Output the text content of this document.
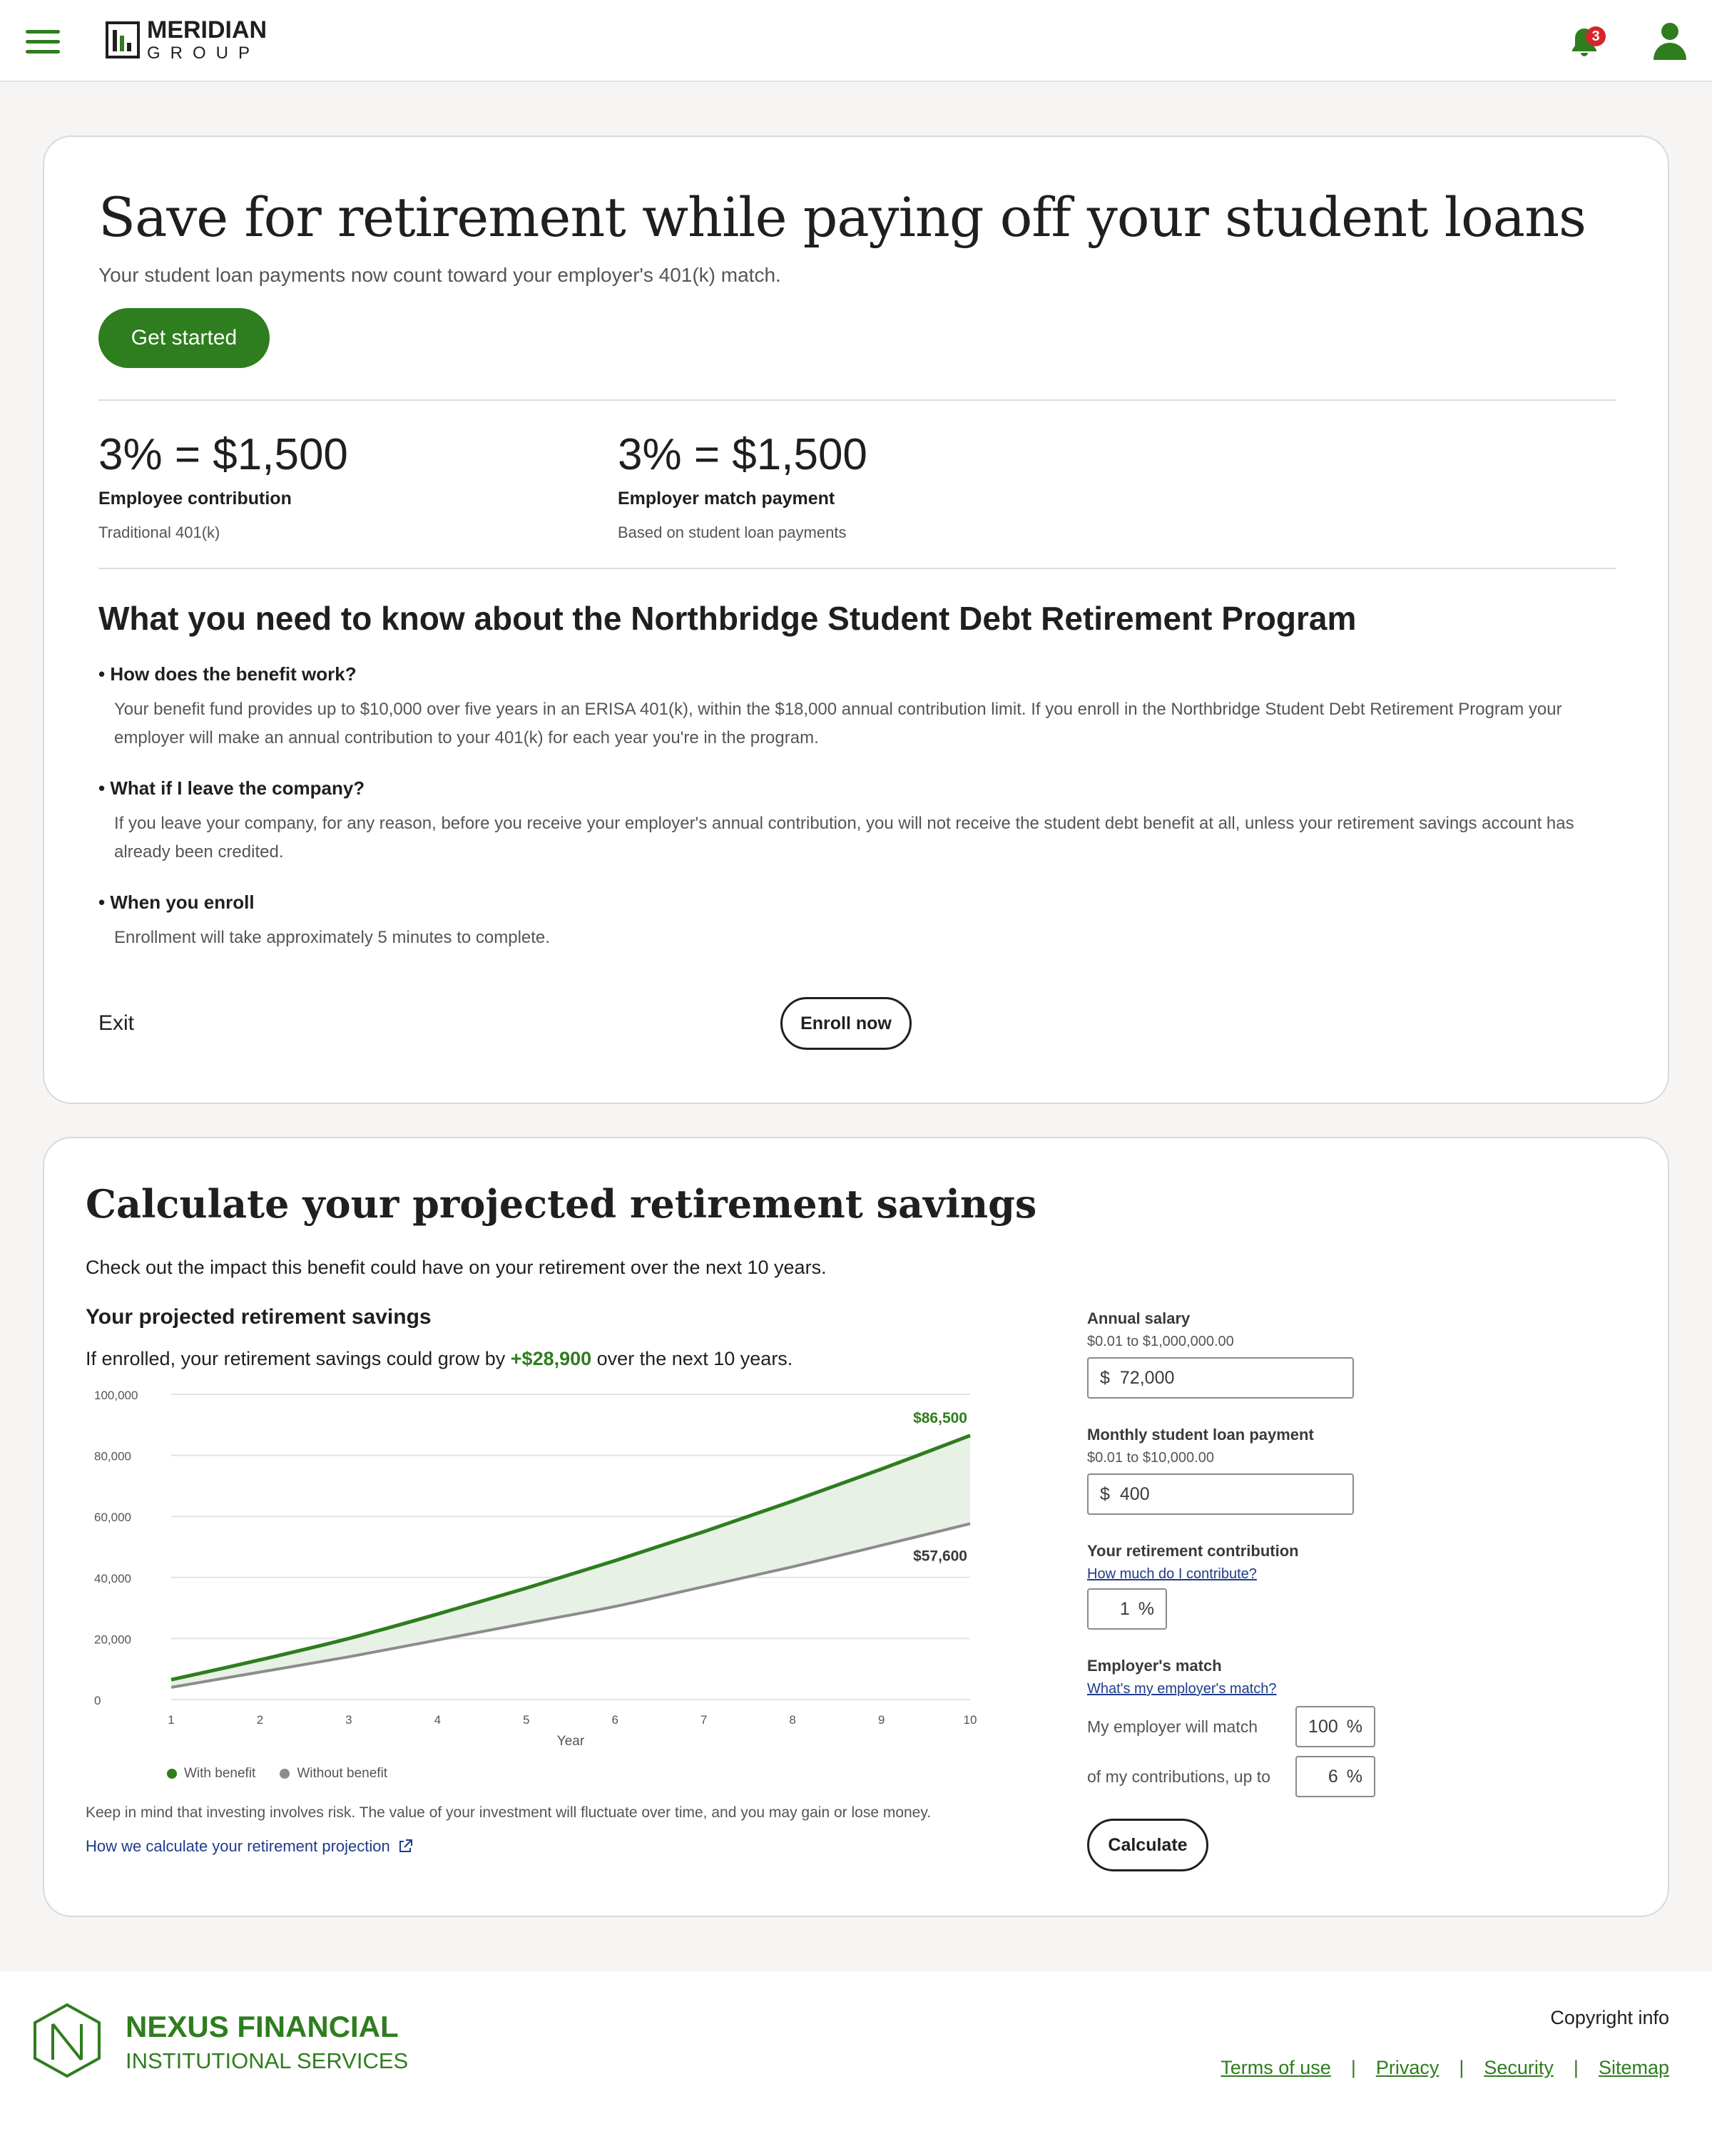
MERIDIAN
GROUP
3
Save for retirement while paying off your student loans

Your student loan payments now count toward your employer's 401(k) match.

Get started
3% = $1,500
Employee contribution
Traditional 401(k)
3% = $1,500
Employer match payment
Based on student loan payments
What you need to know about the Northbridge Student Debt Retirement Program
• How does the benefit work?
Your benefit fund provides up to $10,000 over five years in an ERISA 401(k), within the $18,000 annual contribution limit. If you enroll in the Northbridge Student Debt Retirement Program your employer will make an annual contribution to your 401(k) for each year you're in the program.
• What if I leave the company?
If you leave your company, for any reason, before you receive your employer's annual contribution, you will not receive the student debt benefit at all, unless your retirement savings account has already been credited.
• When you enroll
Enrollment will take approximately 5 minutes to complete.
Exit	Enroll now
Calculate your projected retirement savings

Check out the impact this benefit could have on your retirement over the next 10 years.

Your projected retirement savings

If enrolled, your retirement savings could grow by +$28,900 over the next 10 years.

0
20,000
40,000
60,000
80,000
100,000
1	2	3	4	5	6	7	8	9	10
Year
$86,500
$57,600
With benefit	Without benefit

Keep in mind that investing involves risk. The value of your investment will fluctuate over time, and you may gain or lose money.

How we calculate your retirement projection
Annual salary
$0.01 to $1,000,000.00
$ 72,000
Monthly student loan payment
$0.01 to $10,000.00
$ 400
Your retirement contribution
How much do I contribute?
1 %
Employer's match
What's my employer's match?
My employer will match	100 %
of my contributions, up to	6 %
Calculate
NEXUS FINANCIAL
INSTITUTIONAL SERVICES
Copyright info
Terms of use | Privacy | Security | Sitemap
